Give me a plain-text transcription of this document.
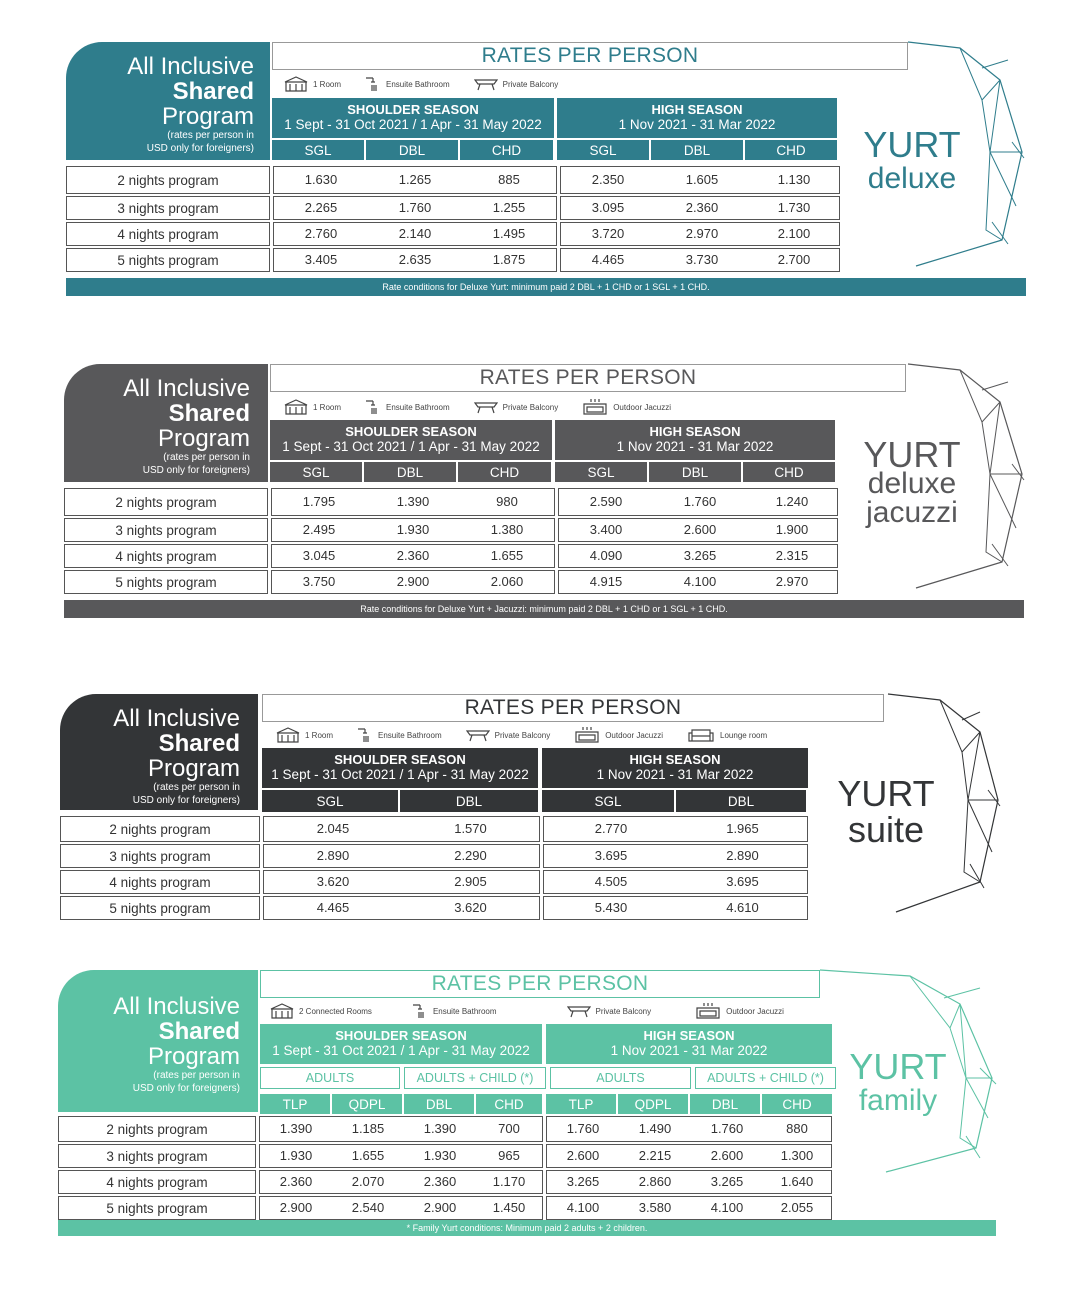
All Inclusive
Shared
Program
(rates per person in
USD only for foreigners)
RATES PER PERSON
1 Room	Ensuite Bathroom	Private Balcony
SHOULDER SEASON
1 Sept - 31 Oct 2021 / 1 Apr - 31 May 2022
HIGH SEASON
1 Nov 2021 - 31 Mar 2022
SGL	DBL	CHD	SGL	DBL	CHD
2 nights program	1.630	1.265	885	2.350	1.605	1.130
3 nights program	2.265	1.760	1.255	3.095	2.360	1.730
4 nights program	2.760	2.140	1.495	3.720	2.970	2.100
5 nights program	3.405	2.635	1.875	4.465	3.730	2.700
Rate conditions for Deluxe Yurt: minimum paid 2 DBL + 1 CHD or 1 SGL + 1 CHD.
YURT
deluxe
All Inclusive
Shared
Program
(rates per person in
USD only for foreigners)
RATES PER PERSON
1 Room	Ensuite Bathroom	Private Balcony	Outdoor Jacuzzi
SHOULDER SEASON
1 Sept - 31 Oct 2021 / 1 Apr - 31 May 2022
HIGH SEASON
1 Nov 2021 - 31 Mar 2022
SGL	DBL	CHD	SGL	DBL	CHD
2 nights program	1.795	1.390	980	2.590	1.760	1.240
3 nights program	2.495	1.930	1.380	3.400	2.600	1.900
4 nights program	3.045	2.360	1.655	4.090	3.265	2.315
5 nights program	3.750	2.900	2.060	4.915	4.100	2.970
Rate conditions for Deluxe Yurt + Jacuzzi: minimum paid 2 DBL + 1 CHD or 1 SGL + 1 CHD.
YURT
deluxe
jacuzzi
All Inclusive
Shared
Program
(rates per person in
USD only for foreigners)
RATES PER PERSON
1 Room	Ensuite Bathroom	Private Balcony	Outdoor Jacuzzi	Lounge room
SHOULDER SEASON
1 Sept - 31 Oct 2021 / 1 Apr - 31 May 2022
HIGH SEASON
1 Nov 2021 - 31 Mar 2022
SGL	DBL	SGL	DBL
2 nights program	2.045	1.570	2.770	1.965
3 nights program	2.890	2.290	3.695	2.890
4 nights program	3.620	2.905	4.505	3.695
5 nights program	4.465	3.620	5.430	4.610
YURT
suite
All Inclusive
Shared
Program
(rates per person in
USD only for foreigners)
RATES PER PERSON
2 Connected Rooms	Ensuite Bathroom	Private Balcony	Outdoor Jacuzzi
SHOULDER SEASON
1 Sept - 31 Oct 2021 / 1 Apr - 31 May 2022
HIGH SEASON
1 Nov 2021 - 31 Mar 2022
ADULTS	ADULTS + CHILD (*)	ADULTS	ADULTS + CHILD (*)
TLP	QDPL	DBL	CHD	TLP	QDPL	DBL	CHD
2 nights program	1.390	1.185	1.390	700	1.760	1.490	1.760	880
3 nights program	1.930	1.655	1.930	965	2.600	2.215	2.600	1.300
4 nights program	2.360	2.070	2.360	1.170	3.265	2.860	3.265	1.640
5 nights program	2.900	2.540	2.900	1.450	4.100	3.580	4.100	2.055
* Family Yurt conditions: Minimum paid 2 adults + 2 children.
YURT
family
